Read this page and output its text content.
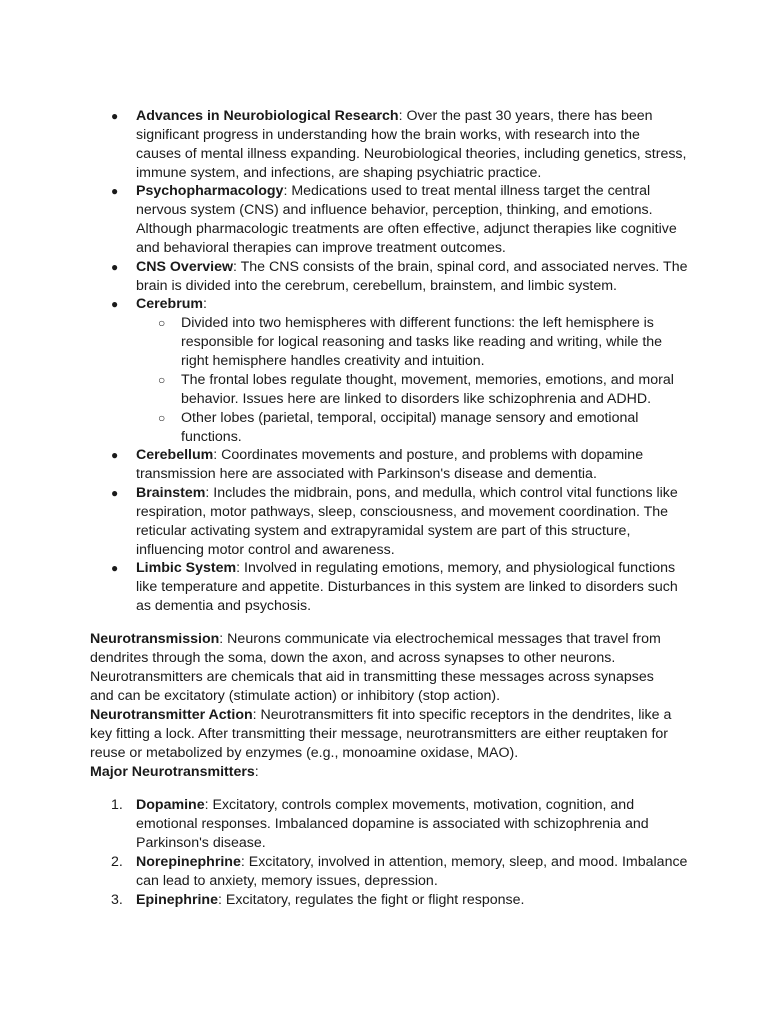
● Advances in Neurobiological Research: Over the past 30 years, there has been significant progress in understanding how the brain works, with research into the causes of mental illness expanding. Neurobiological theories, including genetics, stress, immune system, and infections, are shaping psychiatric practice.
● Psychopharmacology: Medications used to treat mental illness target the central nervous system (CNS) and influence behavior, perception, thinking, and emotions. Although pharmacologic treatments are often effective, adjunct therapies like cognitive and behavioral therapies can improve treatment outcomes.
● CNS Overview: The CNS consists of the brain, spinal cord, and associated nerves. The brain is divided into the cerebrum, cerebellum, brainstem, and limbic system.
● Cerebrum:
○ Divided into two hemispheres with different functions: the left hemisphere is responsible for logical reasoning and tasks like reading and writing, while the right hemisphere handles creativity and intuition.
○ The frontal lobes regulate thought, movement, memories, emotions, and moral behavior. Issues here are linked to disorders like schizophrenia and ADHD.
○ Other lobes (parietal, temporal, occipital) manage sensory and emotional functions.
● Cerebellum: Coordinates movements and posture, and problems with dopamine transmission here are associated with Parkinson's disease and dementia.
● Brainstem: Includes the midbrain, pons, and medulla, which control vital functions like respiration, motor pathways, sleep, consciousness, and movement coordination. The reticular activating system and extrapyramidal system are part of this structure, influencing motor control and awareness.
● Limbic System: Involved in regulating emotions, memory, and physiological functions like temperature and appetite. Disturbances in this system are linked to disorders such as dementia and psychosis.
Neurotransmission: Neurons communicate via electrochemical messages that travel from dendrites through the soma, down the axon, and across synapses to other neurons. Neurotransmitters are chemicals that aid in transmitting these messages across synapses and can be excitatory (stimulate action) or inhibitory (stop action).
Neurotransmitter Action: Neurotransmitters fit into specific receptors in the dendrites, like a key fitting a lock. After transmitting their message, neurotransmitters are either reuptaken for reuse or metabolized by enzymes (e.g., monoamine oxidase, MAO).
Major Neurotransmitters:
1. Dopamine: Excitatory, controls complex movements, motivation, cognition, and emotional responses. Imbalanced dopamine is associated with schizophrenia and Parkinson's disease.
2. Norepinephrine: Excitatory, involved in attention, memory, sleep, and mood. Imbalance can lead to anxiety, memory issues, depression.
3. Epinephrine: Excitatory, regulates the fight or flight response.
